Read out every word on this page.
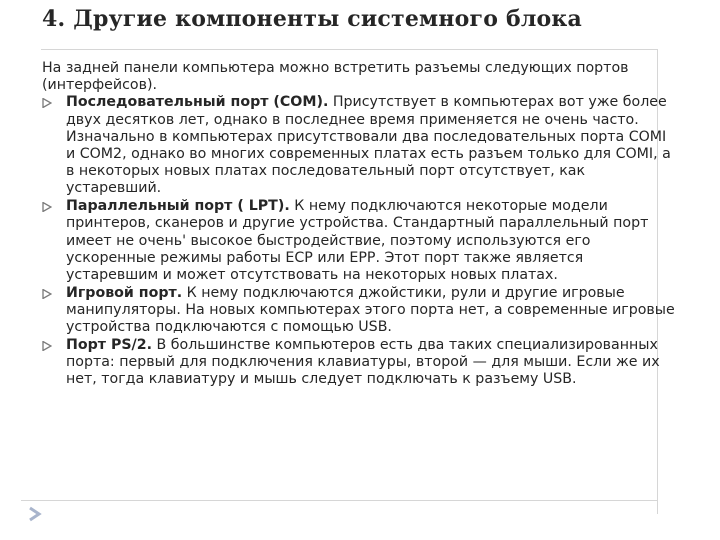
4. Другие компоненты системного блока

На задней панели компьютера можно встретить разъемы следующих портов (интерфейсов).

Последовательный порт (COM). Присутствует в компьютерах вот уже более двух десятков лет, однако в последнее время применяется не очень часто. Изначально в компьютерах присутствовали два последовательных порта COMI и COM2, однако во многих современных платах есть разъем только для COMI, а в некоторых новых платах последовательный порт отсутствует, как устаревший.
Параллельный порт ( LPT). К нему подключаются некоторые модели принтеров, сканеров и другие устройства. Стандартный параллельный порт имеет не очень' высокое быстродействие, поэтому используются его ускоренные режимы работы ЕСР или ЕРР. Этот порт также является устаревшим и может отсутствовать на некоторых новых платах.
Игровой порт. К нему подключаются джойстики, рули и другие игровые манипуляторы. На новых компьютерах этого порта нет, а современные игровые устройства подключаются с помощью USB.
Порт PS/2. В большинстве компьютеров есть два таких специализированных порта: первый для подключения клавиатуры, второй — для мыши. Если же их нет, тогда клавиатуру и мышь следует подключать к разъему USB.
